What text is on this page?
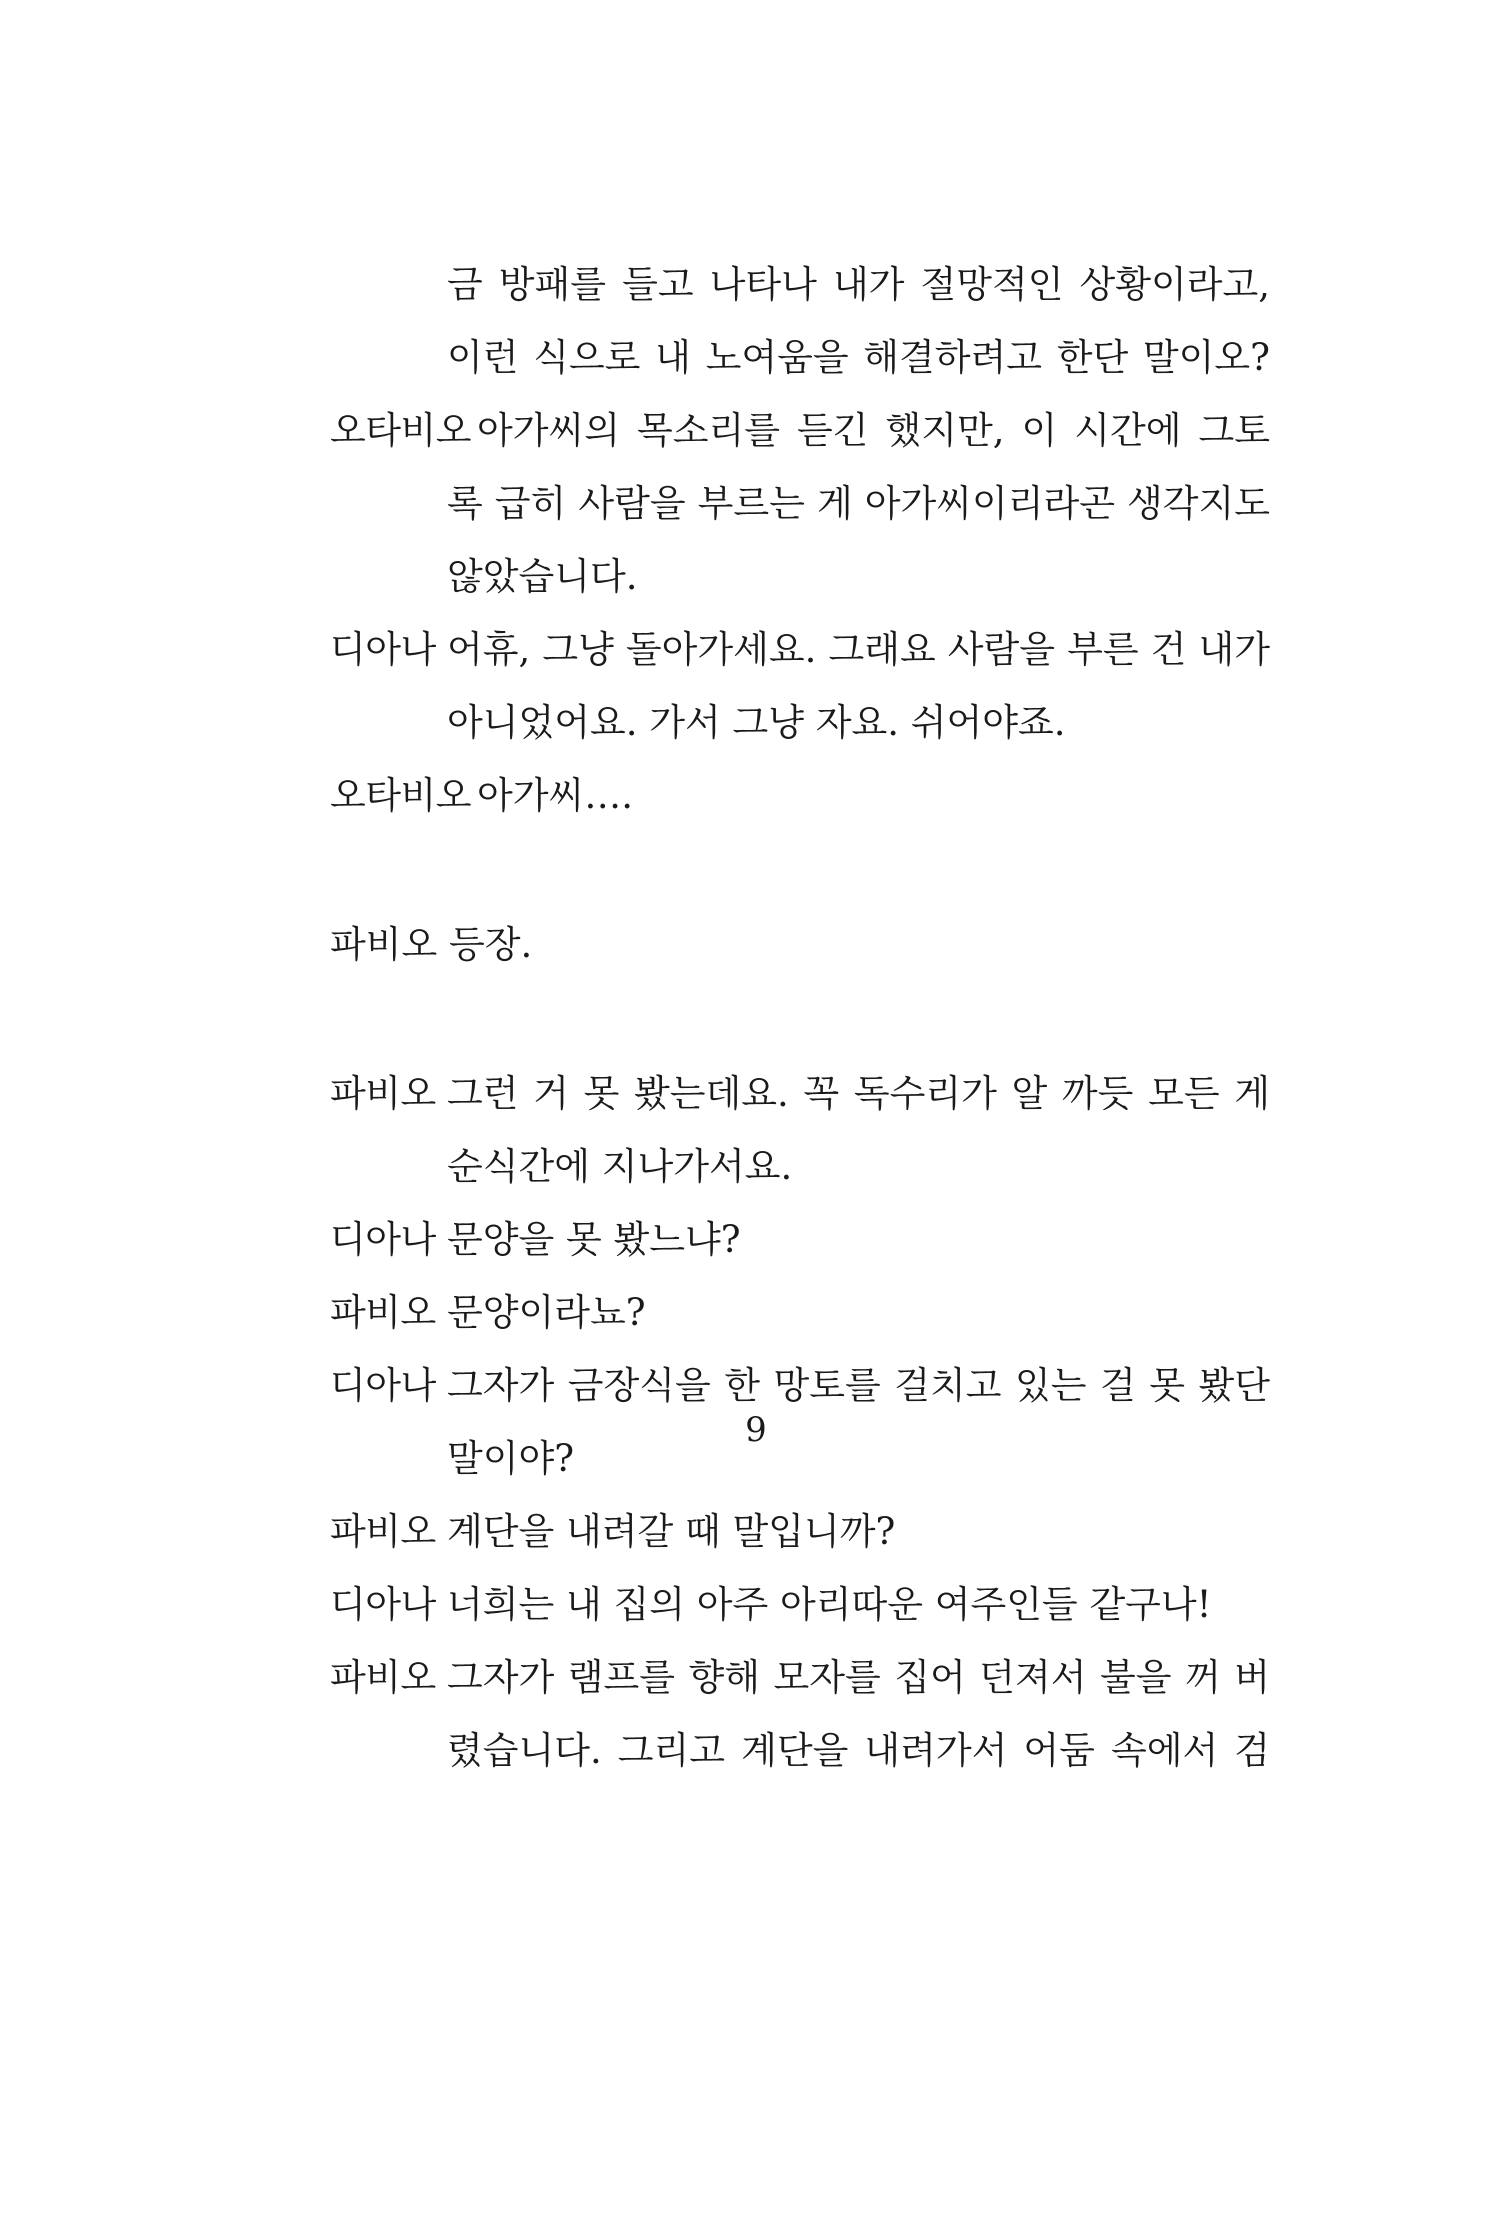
금 방패를 들고 나타나 내가 절망적인 상황이라고,
이런 식으로 내 노여움을 해결하려고 한단 말이오?
오타비오 아가씨의 목소리를 듣긴 했지만, 이 시간에 그토
록 급히 사람을 부르는 게 아가씨이리라곤 생각지도
않았습니다.
디아나 어휴, 그냥 돌아가세요. 그래요 사람을 부른 건 내가
아니었어요. 가서 그냥 자요. 쉬어야죠.
오타비오 아가씨….
파비오 등장.
파비오 그런 거 못 봤는데요. 꼭 독수리가 알 까듯 모든 게
순식간에 지나가서요.
디아나 문양을 못 봤느냐?
파비오 문양이라뇨?
디아나 그자가 금장식을 한 망토를 걸치고 있는 걸 못 봤단
말이야?
파비오 계단을 내려갈 때 말입니까?
디아나 너희는 내 집의 아주 아리따운 여주인들 같구나!
파비오 그자가 램프를 향해 모자를 집어 던져서 불을 꺼 버
렸습니다. 그리고 계단을 내려가서 어둠 속에서 검
9
